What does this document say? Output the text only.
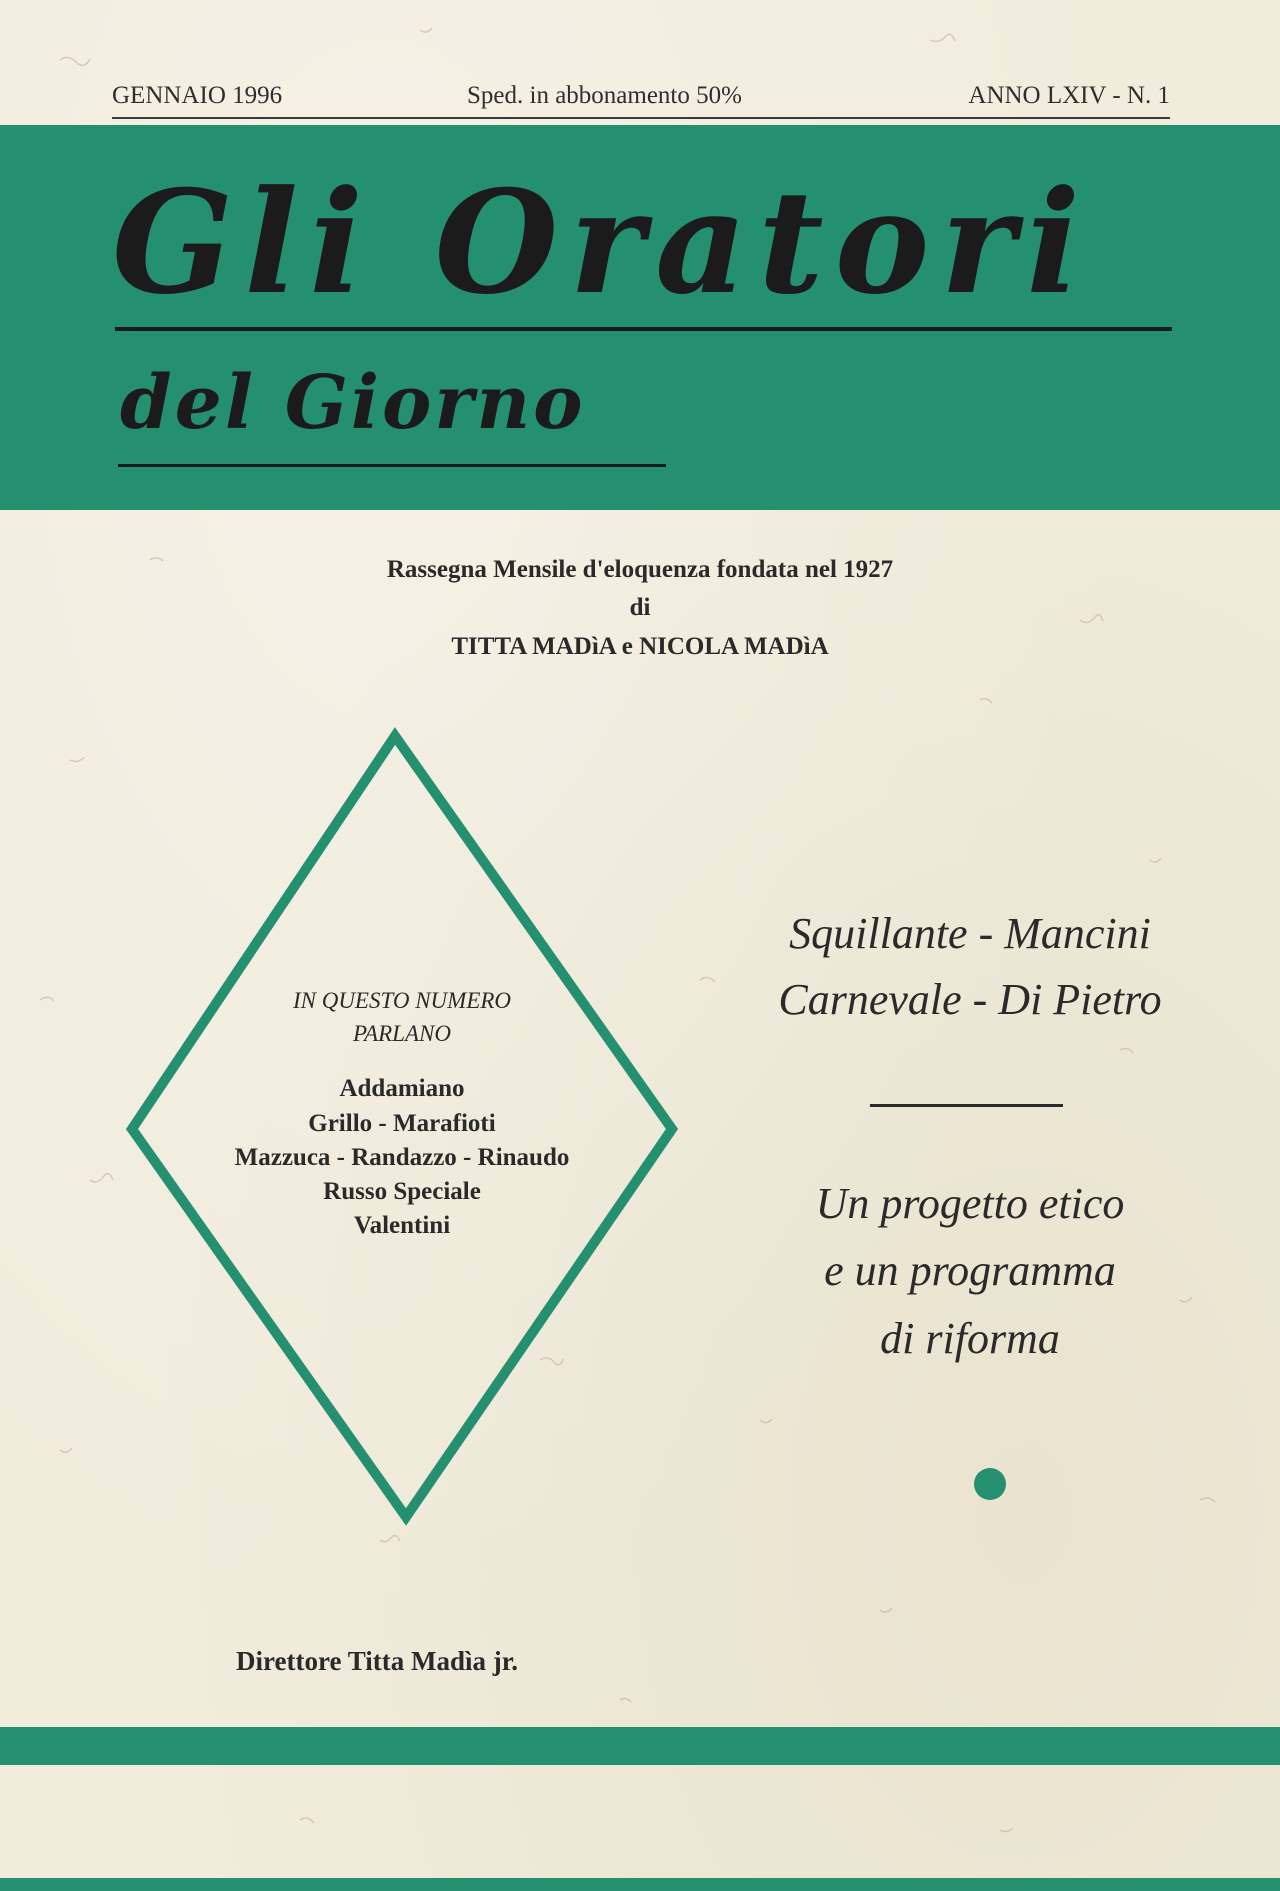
GENNAIO 1996	Sped. in abbonamento 50%	ANNO LXIV - N. 1
Gli Oratori
del Giorno
Rassegna Mensile d'eloquenza fondata nel 1927
di
TITTA MADìA e NICOLA MADìA
IN QUESTO NUMERO
PARLANO
Addamiano
Grillo - Marafioti
Mazzuca - Randazzo - Rinaudo
Russo Speciale
Valentini
Squillante - Mancini
Carnevale - Di Pietro
Un progetto etico
e un programma
di riforma
Direttore Titta Madìa jr.
